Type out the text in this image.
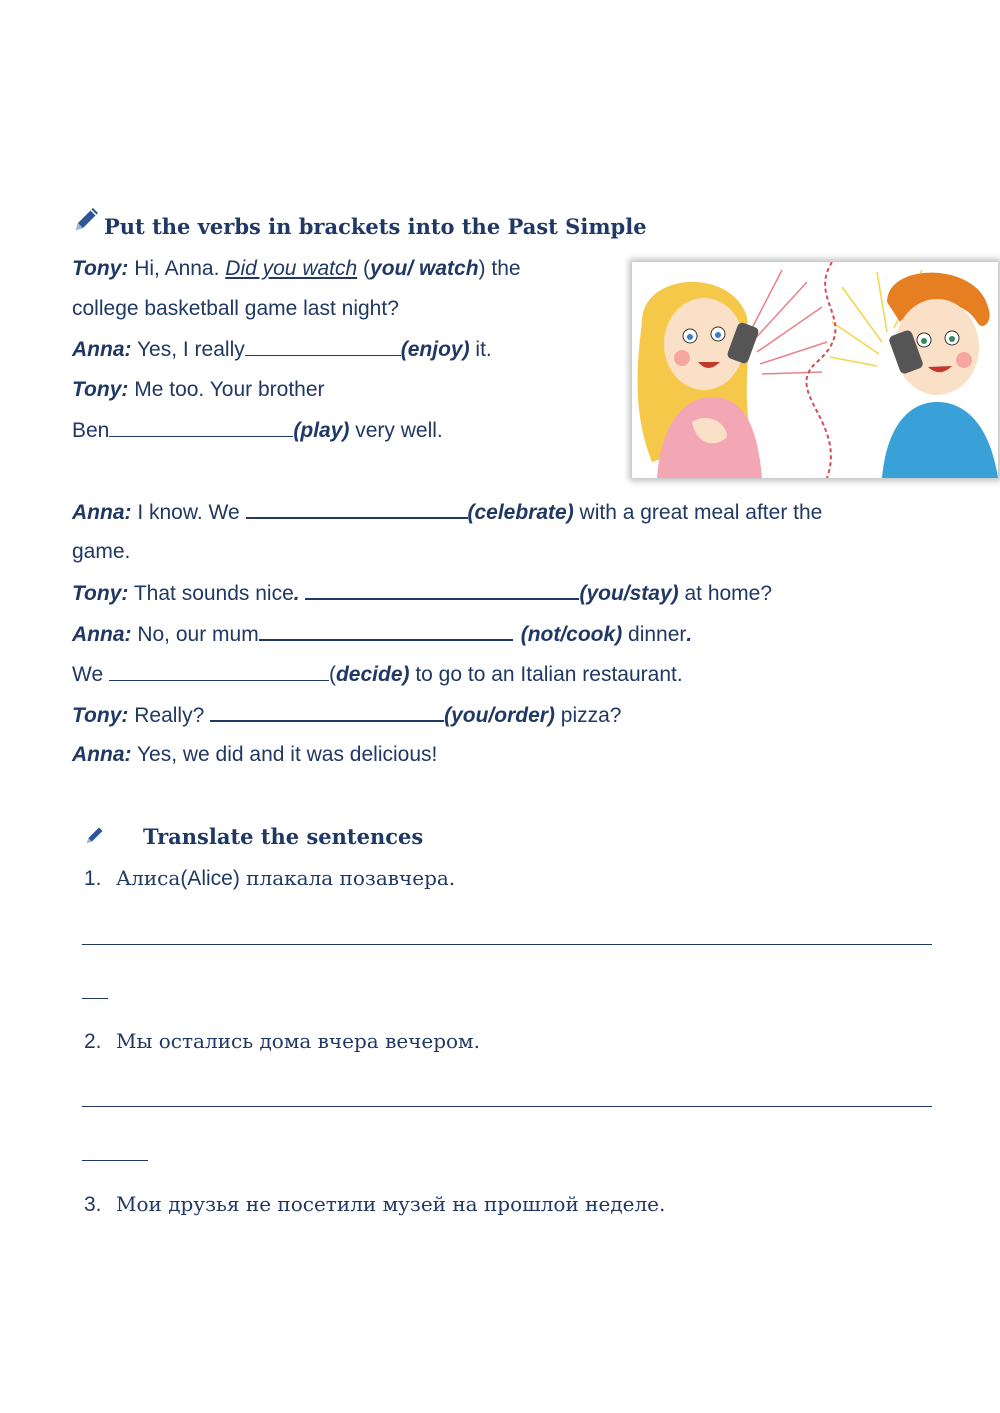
Put the verbs in brackets into the Past Simple
Tony: Hi, Anna. Did you watch (you/ watch) the
college basketball game last night?
Anna: Yes, I really	(enjoy) it.
Tony: Me too. Your brother
Ben	(play) very well.
Anna: I know. We	(celebrate) with a great meal after the
game.
Tony: That sounds nice.	(you/stay) at home?
Anna: No, our mum	(not/cook) dinner.
We	(decide) to go to an Italian restaurant.
Tony: Really?	(you/order) pizza?
Anna: Yes, we did and it was delicious!
Translate the sentences
1. Алиса(Alice) плакала позавчера.
2. Мы остались дома вчера вечером.
3. Мои друзья не посетили музей на прошлой неделе.
